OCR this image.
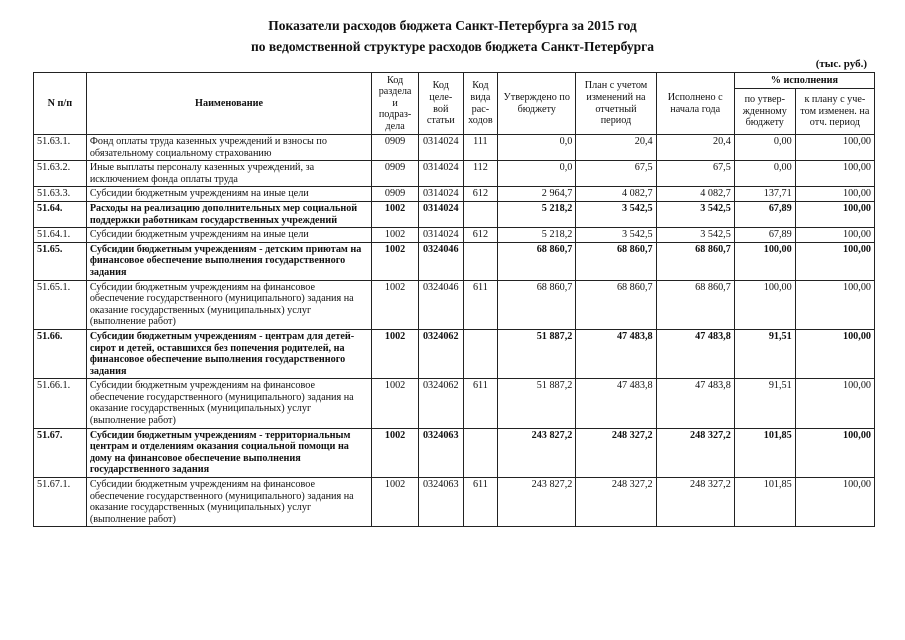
Показатели расходов бюджета Санкт-Петербурга за 2015 год
по ведомственной структуре расходов бюджета Санкт-Петербурга
(тыс. руб.)
N п/п	Наименование	Код раздела и подраз-дела	Код целе-вой статьи	Код вида рас-ходов	Утверждено по бюджету	План с учетом изменений на отчетный период	Исполнено с начала года	% исполнения	
								по утвер-жденному бюджету	к плану с уче-том изменен. на отч. период
51.63.1.	Фонд оплаты труда казенных учреждений и взносы по обязательному социальному страхованию	0909	0314024	111	0,0	20,4	20,4	0,00	100,00
51.63.2.	Иные выплаты персоналу казенных учреждений, за исключением фонда оплаты труда	0909	0314024	112	0,0	67,5	67,5	0,00	100,00
51.63.3.	Субсидии бюджетным учреждениям на иные цели	0909	0314024	612	2 964,7	4 082,7	4 082,7	137,71	100,00
51.64.	Расходы на реализацию дополнительных мер социальной поддержки работникам государственных учреждений	1002	0314024		5 218,2	3 542,5	3 542,5	67,89	100,00
51.64.1.	Субсидии бюджетным учреждениям на иные цели	1002	0314024	612	5 218,2	3 542,5	3 542,5	67,89	100,00
51.65.	Субсидии бюджетным учреждениям - детским приютам на финансовое обеспечение выполнения государственного задания	1002	0324046		68 860,7	68 860,7	68 860,7	100,00	100,00
51.65.1.	Субсидии бюджетным учреждениям на финансовое обеспечение государственного (муниципального) задания на оказание государственных (муниципальных) услуг (выполнение работ)	1002	0324046	611	68 860,7	68 860,7	68 860,7	100,00	100,00
51.66.	Субсидии бюджетным учреждениям - центрам для детей-сирот и детей, оставшихся без попечения родителей, на финансовое обеспечение выполнения государственного задания	1002	0324062		51 887,2	47 483,8	47 483,8	91,51	100,00
51.66.1.	Субсидии бюджетным учреждениям на финансовое обеспечение государственного (муниципального) задания на оказание государственных (муниципальных) услуг (выполнение работ)	1002	0324062	611	51 887,2	47 483,8	47 483,8	91,51	100,00
51.67.	Субсидии бюджетным учреждениям - территориальным центрам и отделениям оказания социальной помощи на дому на финансовое обеспечение выполнения государственного задания	1002	0324063		243 827,2	248 327,2	248 327,2	101,85	100,00
51.67.1.	Субсидии бюджетным учреждениям на финансовое обеспечение государственного (муниципального) задания на оказание государственных (муниципальных) услуг (выполнение работ)	1002	0324063	611	243 827,2	248 327,2	248 327,2	101,85	100,00
